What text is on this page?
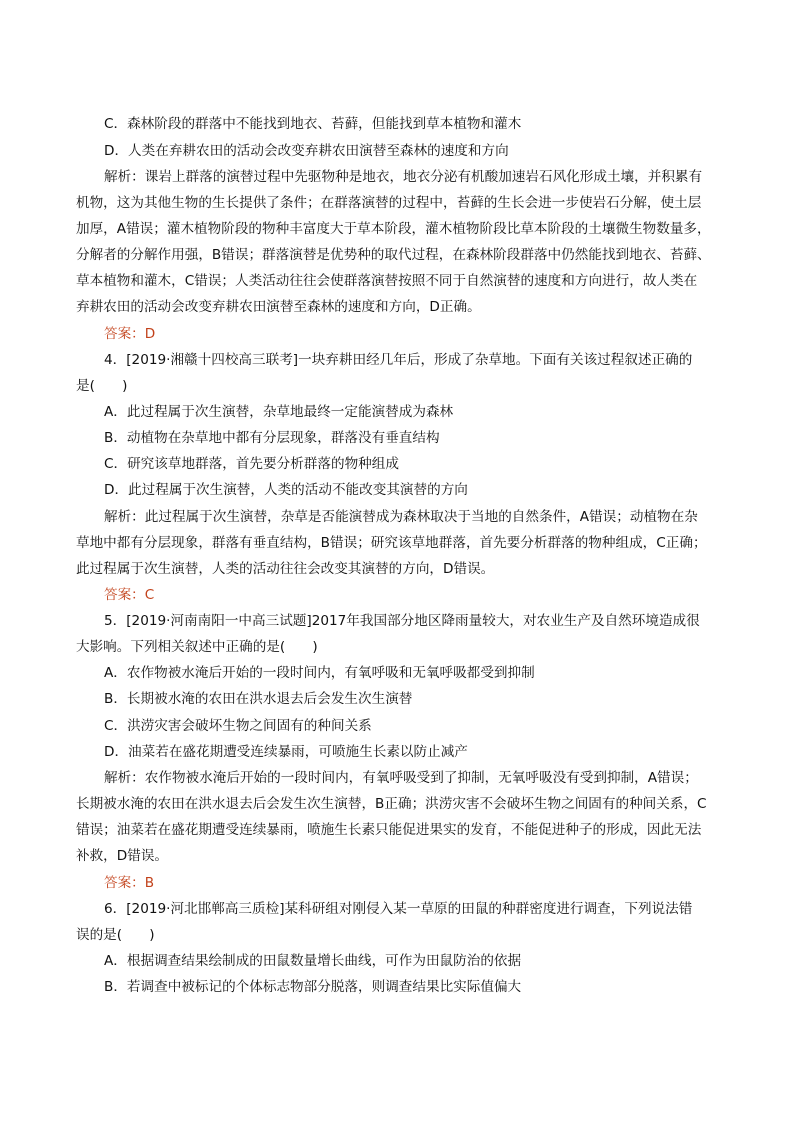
C．森林阶段的群落中不能找到地衣、苔藓，但能找到草本植物和灌木
D．人类在弃耕农田的活动会改变弃耕农田演替至森林的速度和方向
解析：课岩上群落的演替过程中先驱物种是地衣，地衣分泌有机酸加速岩石风化形成土壤，并积累有
机物，这为其他生物的生长提供了条件；在群落演替的过程中，苔藓的生长会进一步使岩石分解，使土层
加厚，A错误；灌木植物阶段的物种丰富度大于草本阶段，灌木植物阶段比草本阶段的土壤微生物数量多，
分解者的分解作用强，B错误；群落演替是优势种的取代过程，在森林阶段群落中仍然能找到地衣、苔藓、
草本植物和灌木，C错误；人类活动往往会使群落演替按照不同于自然演替的速度和方向进行，故人类在
弃耕农田的活动会改变弃耕农田演替至森林的速度和方向，D正确。
答案：D
4．[2019·湘赣十四校高三联考]一块弃耕田经几年后，形成了杂草地。下面有关该过程叙述正确的
是(　　)
A．此过程属于次生演替，杂草地最终一定能演替成为森林
B．动植物在杂草地中都有分层现象，群落没有垂直结构
C．研究该草地群落，首先要分析群落的物种组成
D．此过程属于次生演替，人类的活动不能改变其演替的方向
解析：此过程属于次生演替，杂草是否能演替成为森林取决于当地的自然条件，A错误；动植物在杂
草地中都有分层现象，群落有垂直结构，B错误；研究该草地群落，首先要分析群落的物种组成，C正确；
此过程属于次生演替，人类的活动往往会改变其演替的方向，D错误。
答案：C
5．[2019·河南南阳一中高三试题]2017年我国部分地区降雨量较大，对农业生产及自然环境造成很
大影响。下列相关叙述中正确的是(　　)
A．农作物被水淹后开始的一段时间内，有氧呼吸和无氧呼吸都受到抑制
B．长期被水淹的农田在洪水退去后会发生次生演替
C．洪涝灾害会破坏生物之间固有的种间关系
D．油菜若在盛花期遭受连续暴雨，可喷施生长素以防止减产
解析：农作物被水淹后开始的一段时间内，有氧呼吸受到了抑制，无氧呼吸没有受到抑制，A错误；
长期被水淹的农田在洪水退去后会发生次生演替，B正确；洪涝灾害不会破坏生物之间固有的种间关系，C
错误；油菜若在盛花期遭受连续暴雨，喷施生长素只能促进果实的发育，不能促进种子的形成，因此无法
补救，D错误。
答案：B
6．[2019·河北邯郸高三质检]某科研组对刚侵入某一草原的田鼠的种群密度进行调查，下列说法错
误的是(　　)
A．根据调查结果绘制成的田鼠数量增长曲线，可作为田鼠防治的依据
B．若调查中被标记的个体标志物部分脱落，则调查结果比实际值偏大
